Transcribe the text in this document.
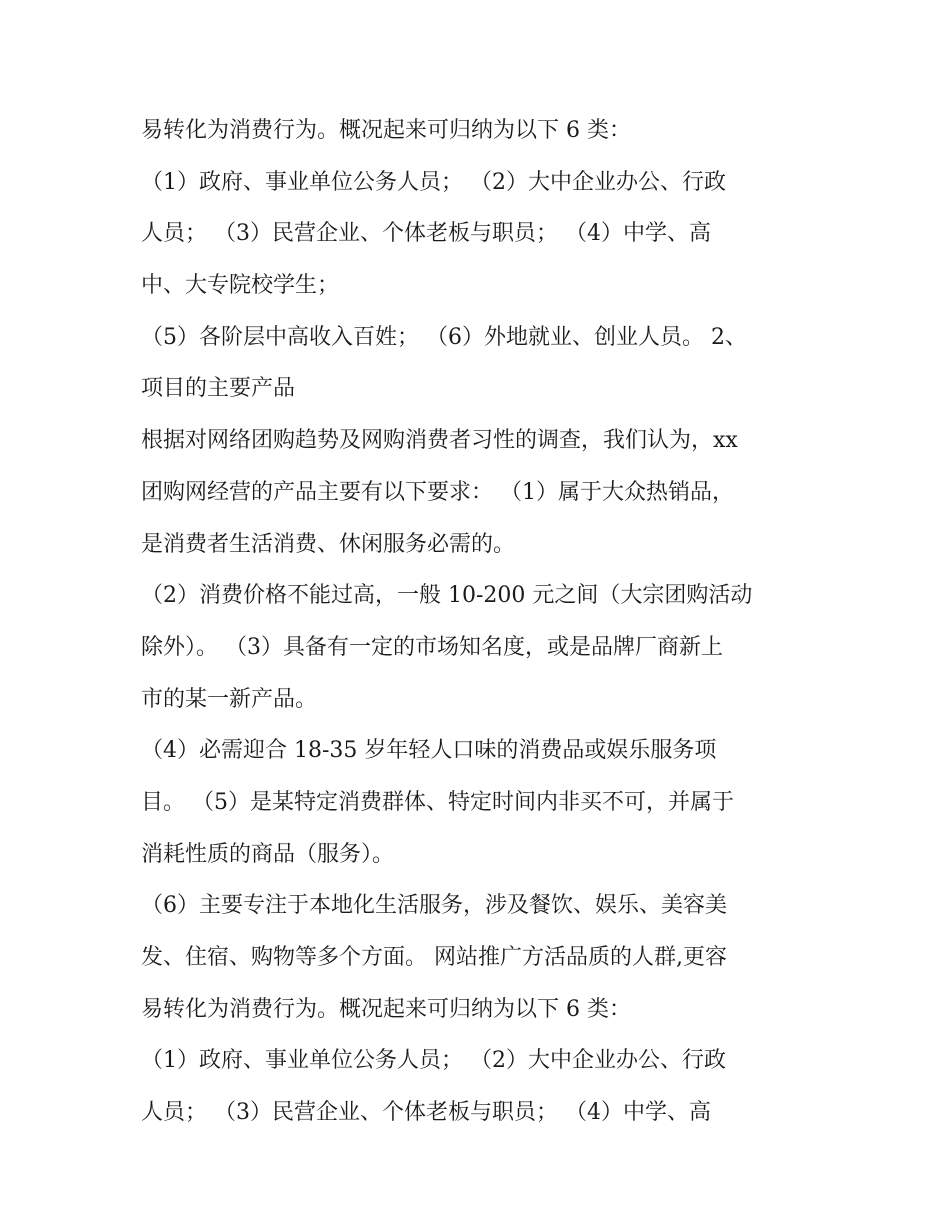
易转化为消费行为。概况起来可归纳为以下 6 类：

（1）政府、事业单位公务人员； （2）大中企业办公、行政

人员； （3）民营企业、个体老板与职员； （4）中学、高

中、大专院校学生；

（5）各阶层中高收入百姓； （6）外地就业、创业人员。 2、

项目的主要产品

根据对网络团购趋势及网购消费者习性的调查，我们认为，xx

团购网经营的产品主要有以下要求： （1）属于大众热销品，

是消费者生活消费、休闲服务必需的。

（2）消费价格不能过高，一般 10-200 元之间（大宗团购活动

除外）。 （3）具备有一定的市场知名度，或是品牌厂商新上

市的某一新产品。

（4）必需迎合 18-35 岁年轻人口味的消费品或娱乐服务项

目。 （5）是某特定消费群体、特定时间内非买不可，并属于

消耗性质的商品（服务）。

（6）主要专注于本地化生活服务，涉及餐饮、娱乐、美容美

发、住宿、购物等多个方面。 网站推广方活品质的人群,更容

易转化为消费行为。概况起来可归纳为以下 6 类：

（1）政府、事业单位公务人员； （2）大中企业办公、行政

人员； （3）民营企业、个体老板与职员； （4）中学、高
